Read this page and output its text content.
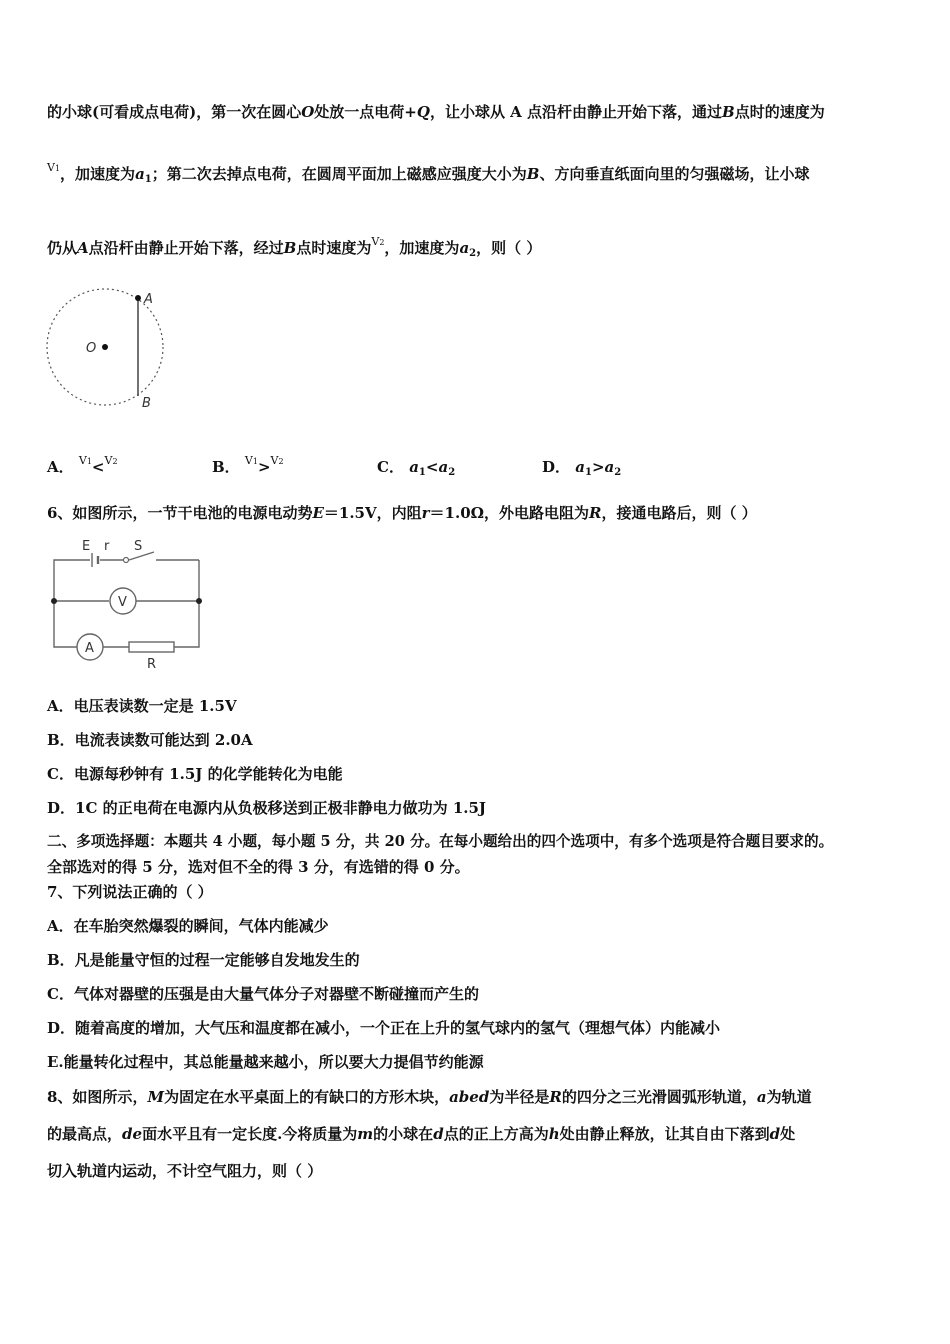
的小球(可看成点电荷)，第一次在圆心O处放一点电荷+Q，让小球从 A 点沿杆由静止开始下落，通过B点时的速度为
$^{V1}$，加速度为$a_1$；第二次去掉点电荷，在圆周平面加上磁感应强度大小为B、方向垂直纸面向里的匀强磁场，让小球
仍从A点沿杆由静止开始下落，经过B点时速度为$^{V2}$，加速度为$a_2$，则（ ）
A
B
O
A． $^{V1}$<$^{V2}$	B． $^{V1}$>$^{V2}$	C． $a_1<a_2$	D． $a_1>a_2$
6、如图所示，一节干电池的电源电动势E＝1.5V，内阻r＝1.0Ω，外电路电阻为R，接通电路后，则（ ）
E r S
V
A
R
A．电压表读数一定是 1.5V
B．电流表读数可能达到 2.0A
C．电源每秒钟有 1.5J 的化学能转化为电能
D．1C 的正电荷在电源内从负极移送到正极非静电力做功为 1.5J
二、多项选择题：本题共 4 小题，每小题 5 分，共 20 分。在每小题给出的四个选项中，有多个选项是符合题目要求的。
全部选对的得 5 分，选对但不全的得 3 分，有选错的得 0 分。
7、下列说法正确的（ ）
A．在车胎突然爆裂的瞬间，气体内能减少
B．凡是能量守恒的过程一定能够自发地发生的
C．气体对器壁的压强是由大量气体分子对器壁不断碰撞而产生的
D．随着高度的增加，大气压和温度都在减小，一个正在上升的氢气球内的氢气（理想气体）内能减小
E.能量转化过程中，其总能量越来越小，所以要大力提倡节约能源
8、如图所示，M为固定在水平桌面上的有缺口的方形木块，abed为半径是R的四分之三光滑圆弧形轨道，a为轨道
的最高点，de面水平且有一定长度.今将质量为m的小球在d点的正上方高为h处由静止释放，让其自由下落到d处
切入轨道内运动，不计空气阻力，则（ ）
